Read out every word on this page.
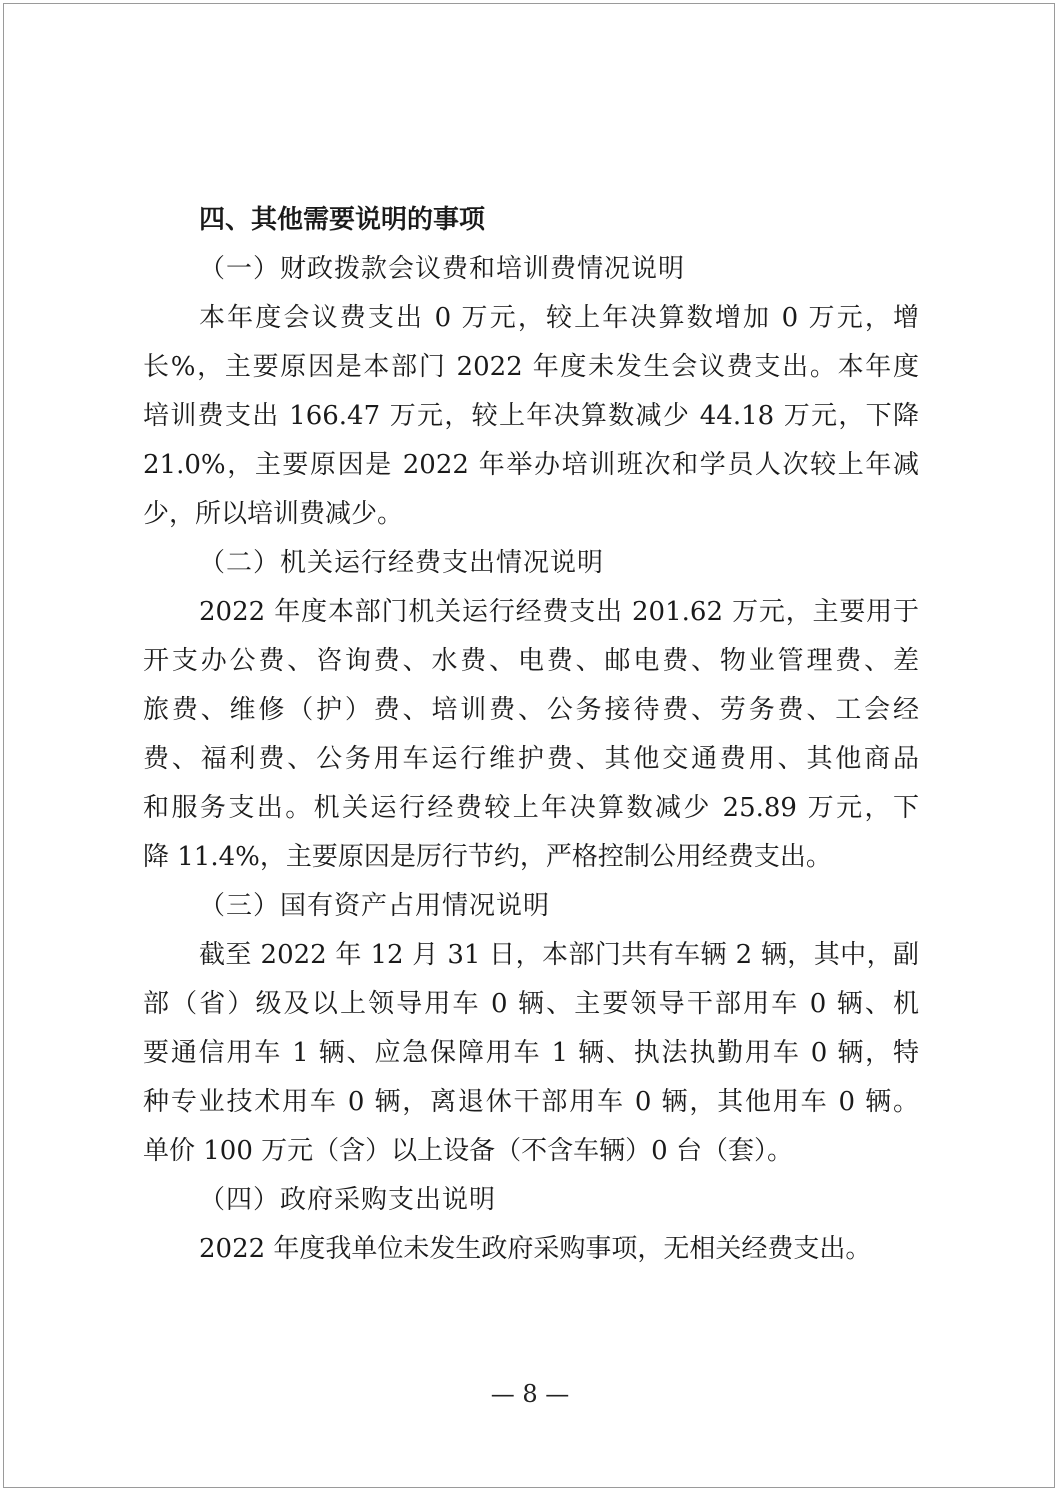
四、其他需要说明的事项
（一）财政拨款会议费和培训费情况说明
本年度会议费支出 0 万元，较上年决算数增加 0 万元，增
长%，主要原因是本部门 2022 年度未发生会议费支出。本年度
培训费支出 166.47 万元，较上年决算数减少 44.18 万元，下降
21.0%，主要原因是 2022 年举办培训班次和学员人次较上年减
少，所以培训费减少。
（二）机关运行经费支出情况说明
2022 年度本部门机关运行经费支出 201.62 万元，主要用于
开支办公费、咨询费、水费、电费、邮电费、物业管理费、差
旅费、维修（护）费、培训费、公务接待费、劳务费、工会经
费、福利费、公务用车运行维护费、其他交通费用、其他商品
和服务支出。机关运行经费较上年决算数减少 25.89 万元，下
降 11.4%，主要原因是厉行节约，严格控制公用经费支出。
（三）国有资产占用情况说明
截至 2022 年 12 月 31 日，本部门共有车辆 2 辆，其中，副
部（省）级及以上领导用车 0 辆、主要领导干部用车 0 辆、机
要通信用车 1 辆、应急保障用车 1 辆、执法执勤用车 0 辆，特
种专业技术用车 0 辆，离退休干部用车 0 辆，其他用车 0 辆。
单价 100 万元（含）以上设备（不含车辆）0 台（套）。
（四）政府采购支出说明
2022 年度我单位未发生政府采购事项，无相关经费支出。
— 8 —
